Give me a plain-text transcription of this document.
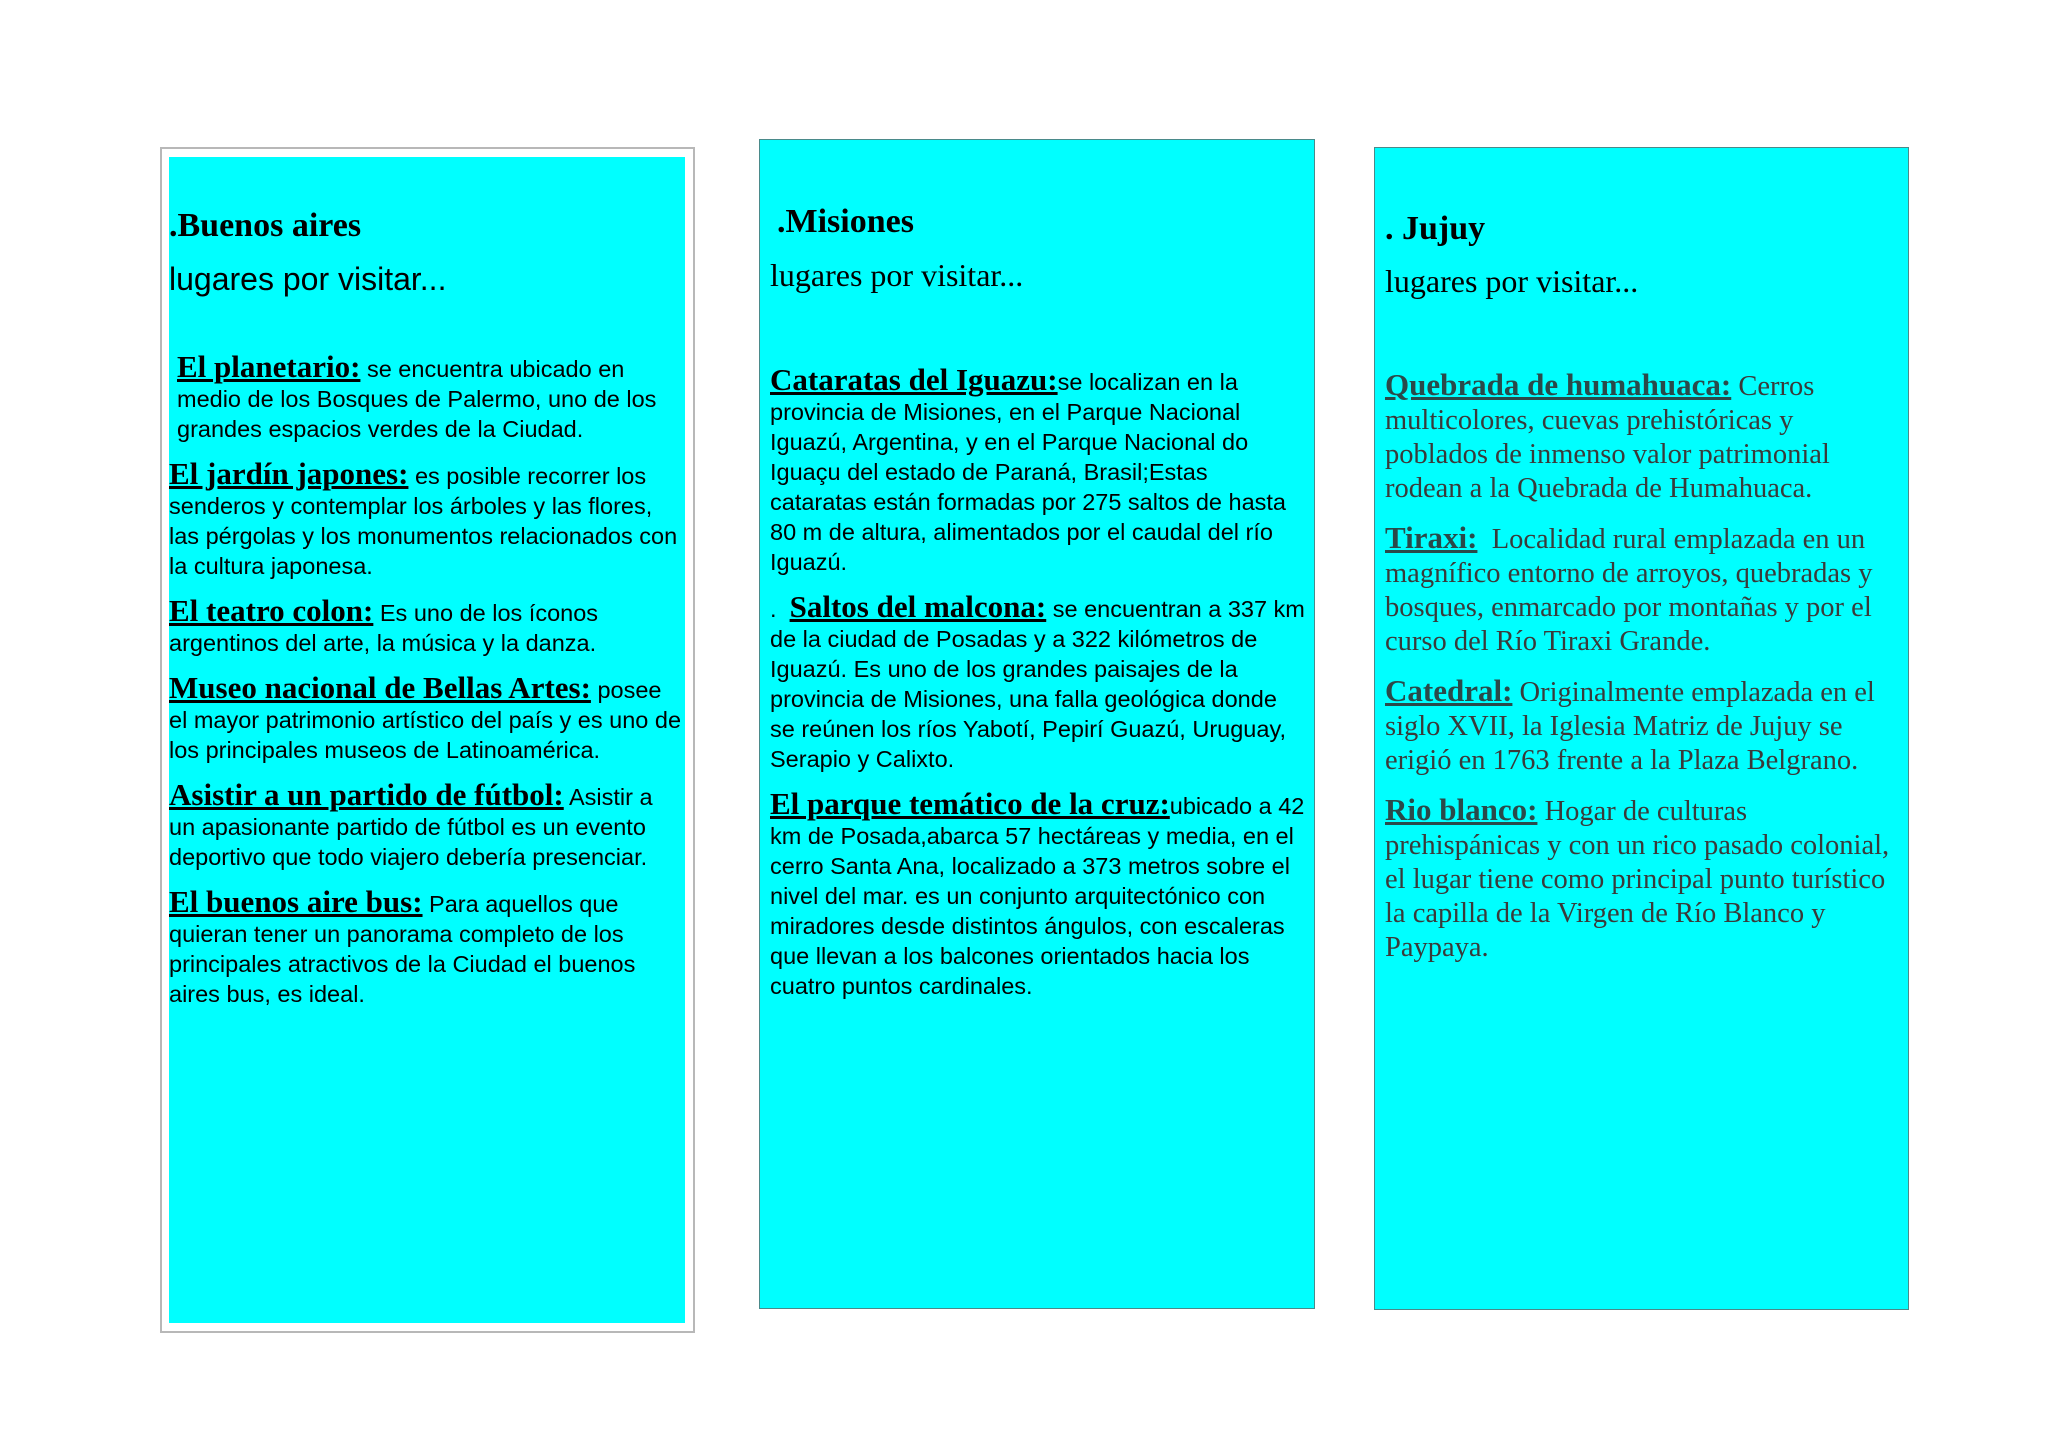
.Buenos aires
lugares por visitar...
El planetario: se encuentra ubicado en medio de los Bosques de Palermo, uno de los grandes espacios verdes de la Ciudad.
El jardín japones: es posible recorrer los senderos y contemplar los árboles y las flores, las pérgolas y los monumentos relacionados con la cultura japonesa.
El teatro colon: Es uno de los íconos argentinos del arte, la música y la danza.
Museo nacional de Bellas Artes: posee el mayor patrimonio artístico del país y es uno de los principales museos de Latinoamérica.
Asistir a un partido de fútbol: Asistir a un apasionante partido de fútbol es un evento deportivo que todo viajero debería presenciar.
El buenos aire bus: Para aquellos que quieran tener un panorama completo de los principales atractivos de la Ciudad el buenos aires bus, es ideal.
.Misiones
lugares por visitar...
Cataratas del Iguazu:se localizan en la provincia de Misiones, en el Parque Nacional Iguazú, Argentina, y en el Parque Nacional do Iguaçu del estado de Paraná, Brasil;Estas cataratas están formadas por 275 saltos de hasta 80 m de altura, alimentados por el caudal del río Iguazú.
.  Saltos del malcona: se encuentran a 337 km de la ciudad de Posadas y a 322 kilómetros de Iguazú. Es uno de los grandes paisajes de la provincia de Misiones, una falla geológica donde se reúnen los ríos Yabotí, Pepirí Guazú, Uruguay, Serapio y Calixto.
El parque temático de la cruz:ubicado a 42 km de Posada,abarca 57 hectáreas y media, en el cerro Santa Ana, localizado a 373 metros sobre el nivel del mar. es un conjunto arquitectónico con miradores desde distintos ángulos, con escaleras que llevan a los balcones orientados hacia los cuatro puntos cardinales.
. Jujuy
lugares por visitar...
Quebrada de humahuaca: Cerros multicolores, cuevas prehistóricas y poblados de inmenso valor patrimonial rodean a la Quebrada de Humahuaca.
Tiraxi:  Localidad rural emplazada en un magnífico entorno de arroyos, quebradas y bosques, enmarcado por montañas y por el curso del Río Tiraxi Grande.
Catedral: Originalmente emplazada en el siglo XVII, la Iglesia Matriz de Jujuy se erigió en 1763 frente a la Plaza Belgrano.
Rio blanco: Hogar de culturas prehispánicas y con un rico pasado colonial, el lugar tiene como principal punto turístico la capilla de la Virgen de Río Blanco y Paypaya.
